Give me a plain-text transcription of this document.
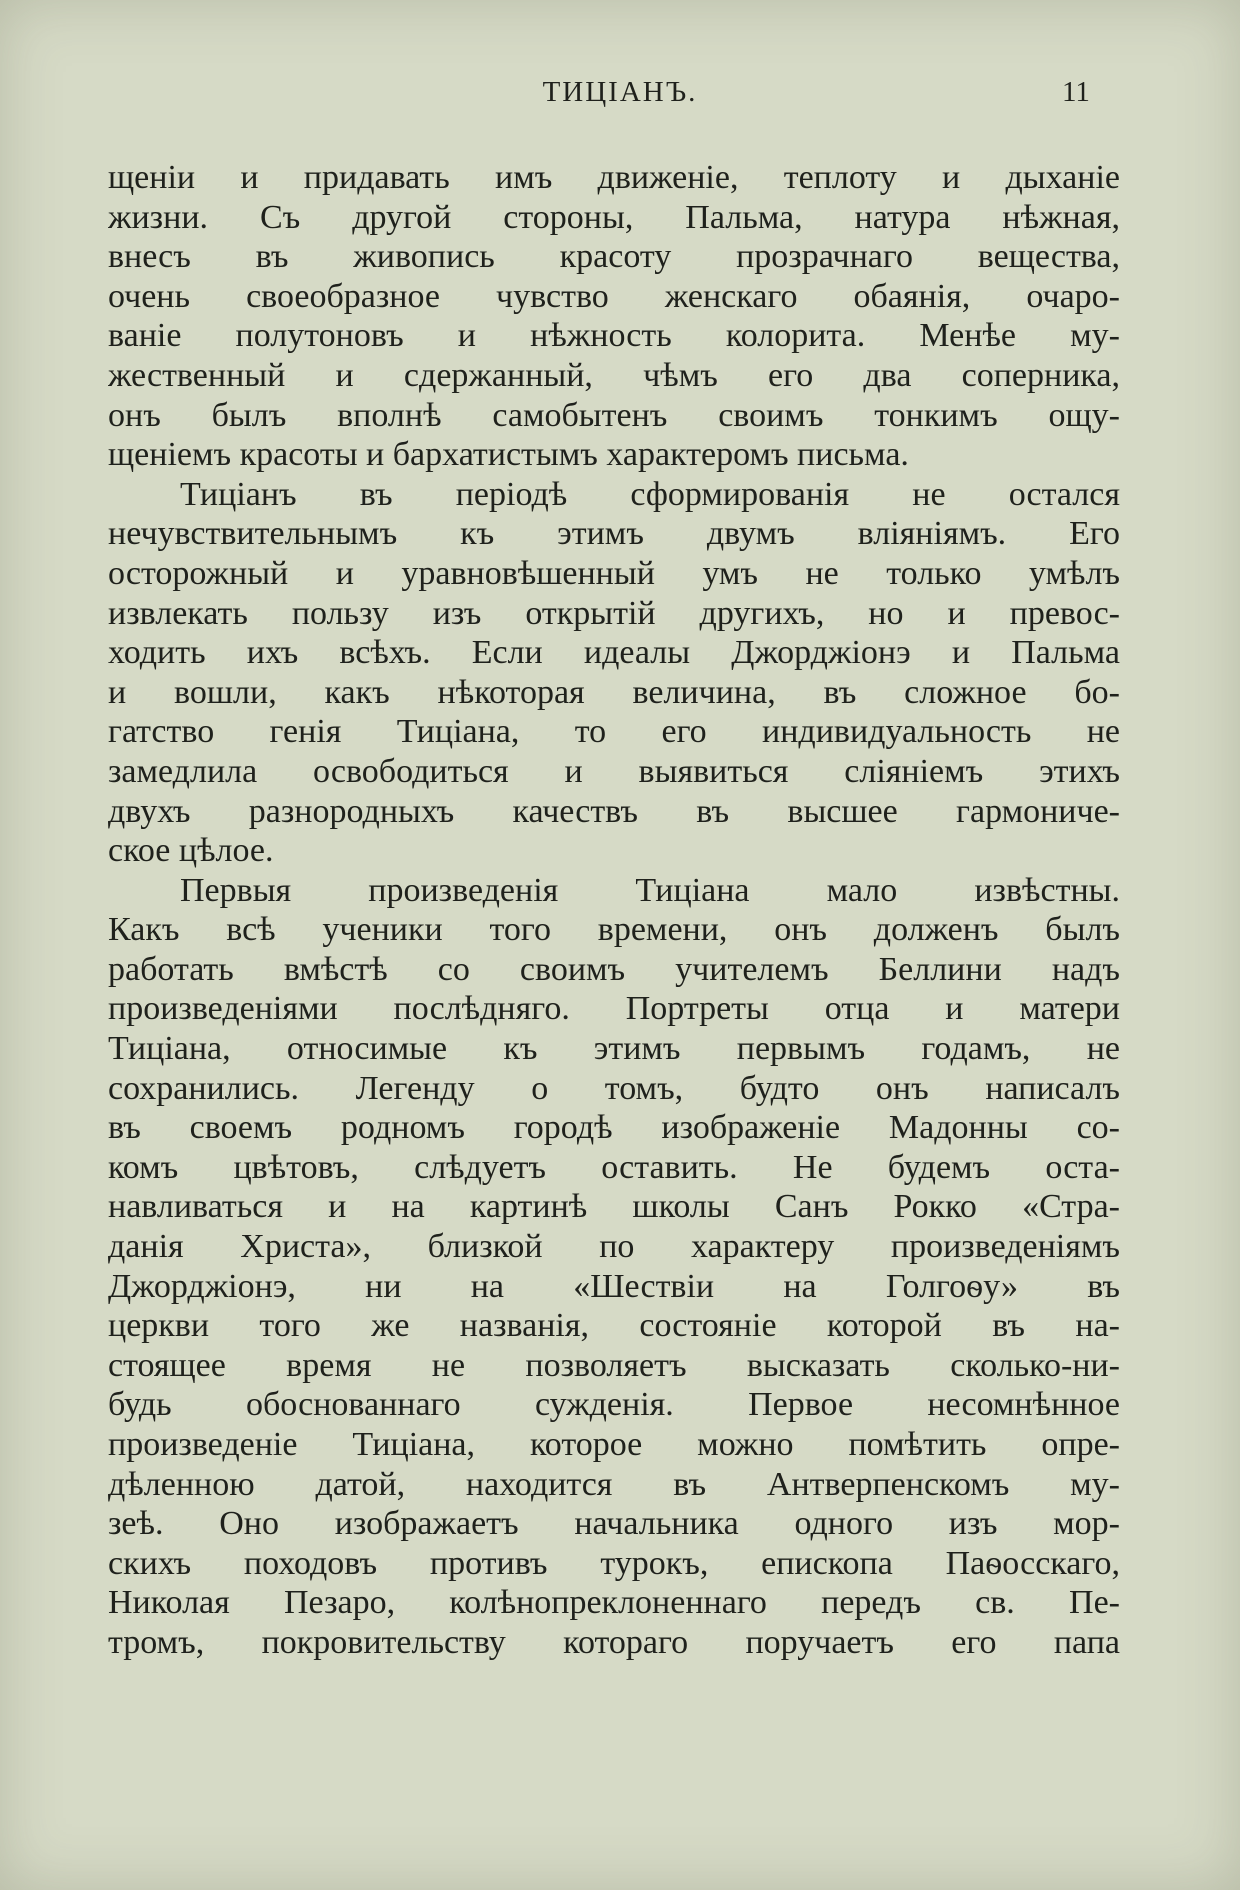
ТИЦІАНЪ.	11
щеніи и придавать имъ движеніе, теплоту и дыханіе
жизни. Съ другой стороны, Пальма, натура нѣжная,
внесъ въ живопись красоту прозрачнаго вещества,
очень своеобразное чувство женскаго обаянія, очаро-
ваніе полутоновъ и нѣжность колорита. Менѣе му-
жественный и сдержанный, чѣмъ его два соперника,
онъ былъ вполнѣ самобытенъ своимъ тонкимъ ощу-
щеніемъ красоты и бархатистымъ характеромъ письма.
Тиціанъ въ періодѣ сформированія не остался
нечувствительнымъ къ этимъ двумъ вліяніямъ. Его
осторожный и уравновѣшенный умъ не только умѣлъ
извлекать пользу изъ открытій другихъ, но и превос-
ходить ихъ всѣхъ. Если идеалы Джорджіонэ и Пальма
и вошли, какъ нѣкоторая величина, въ сложное бо-
гатство генія Тиціана, то его индивидуальность не
замедлила освободиться и выявиться сліяніемъ этихъ
двухъ разнородныхъ качествъ въ высшее гармониче-
ское цѣлое.
Первыя произведенія Тиціана мало извѣстны.
Какъ всѣ ученики того времени, онъ долженъ былъ
работать вмѣстѣ со своимъ учителемъ Беллини надъ
произведеніями послѣдняго. Портреты отца и матери
Тиціана, относимые къ этимъ первымъ годамъ, не
сохранились. Легенду о томъ, будто онъ написалъ
въ своемъ родномъ городѣ изображеніе Мадонны со-
комъ цвѣтовъ, слѣдуетъ оставить. Не будемъ оста-
навливаться и на картинѣ школы Санъ Рокко «Стра-
данія Христа», близкой по характеру произведеніямъ
Джорджіонэ, ни на «Шествіи на Голгоѳу» въ
церкви того же названія, состояніе которой въ на-
стоящее время не позволяетъ высказать сколько-ни-
будь обоснованнаго сужденія. Первое несомнѣнное
произведеніе Тиціана, которое можно помѣтить опре-
дѣленною датой, находится въ Антверпенскомъ му-
зеѣ. Оно изображаетъ начальника одного изъ мор-
скихъ походовъ противъ турокъ, епископа Паѳосскаго,
Николая Пезаро, колѣнопреклоненнаго передъ св. Пе-
тромъ, покровительству котораго поручаетъ его папа
